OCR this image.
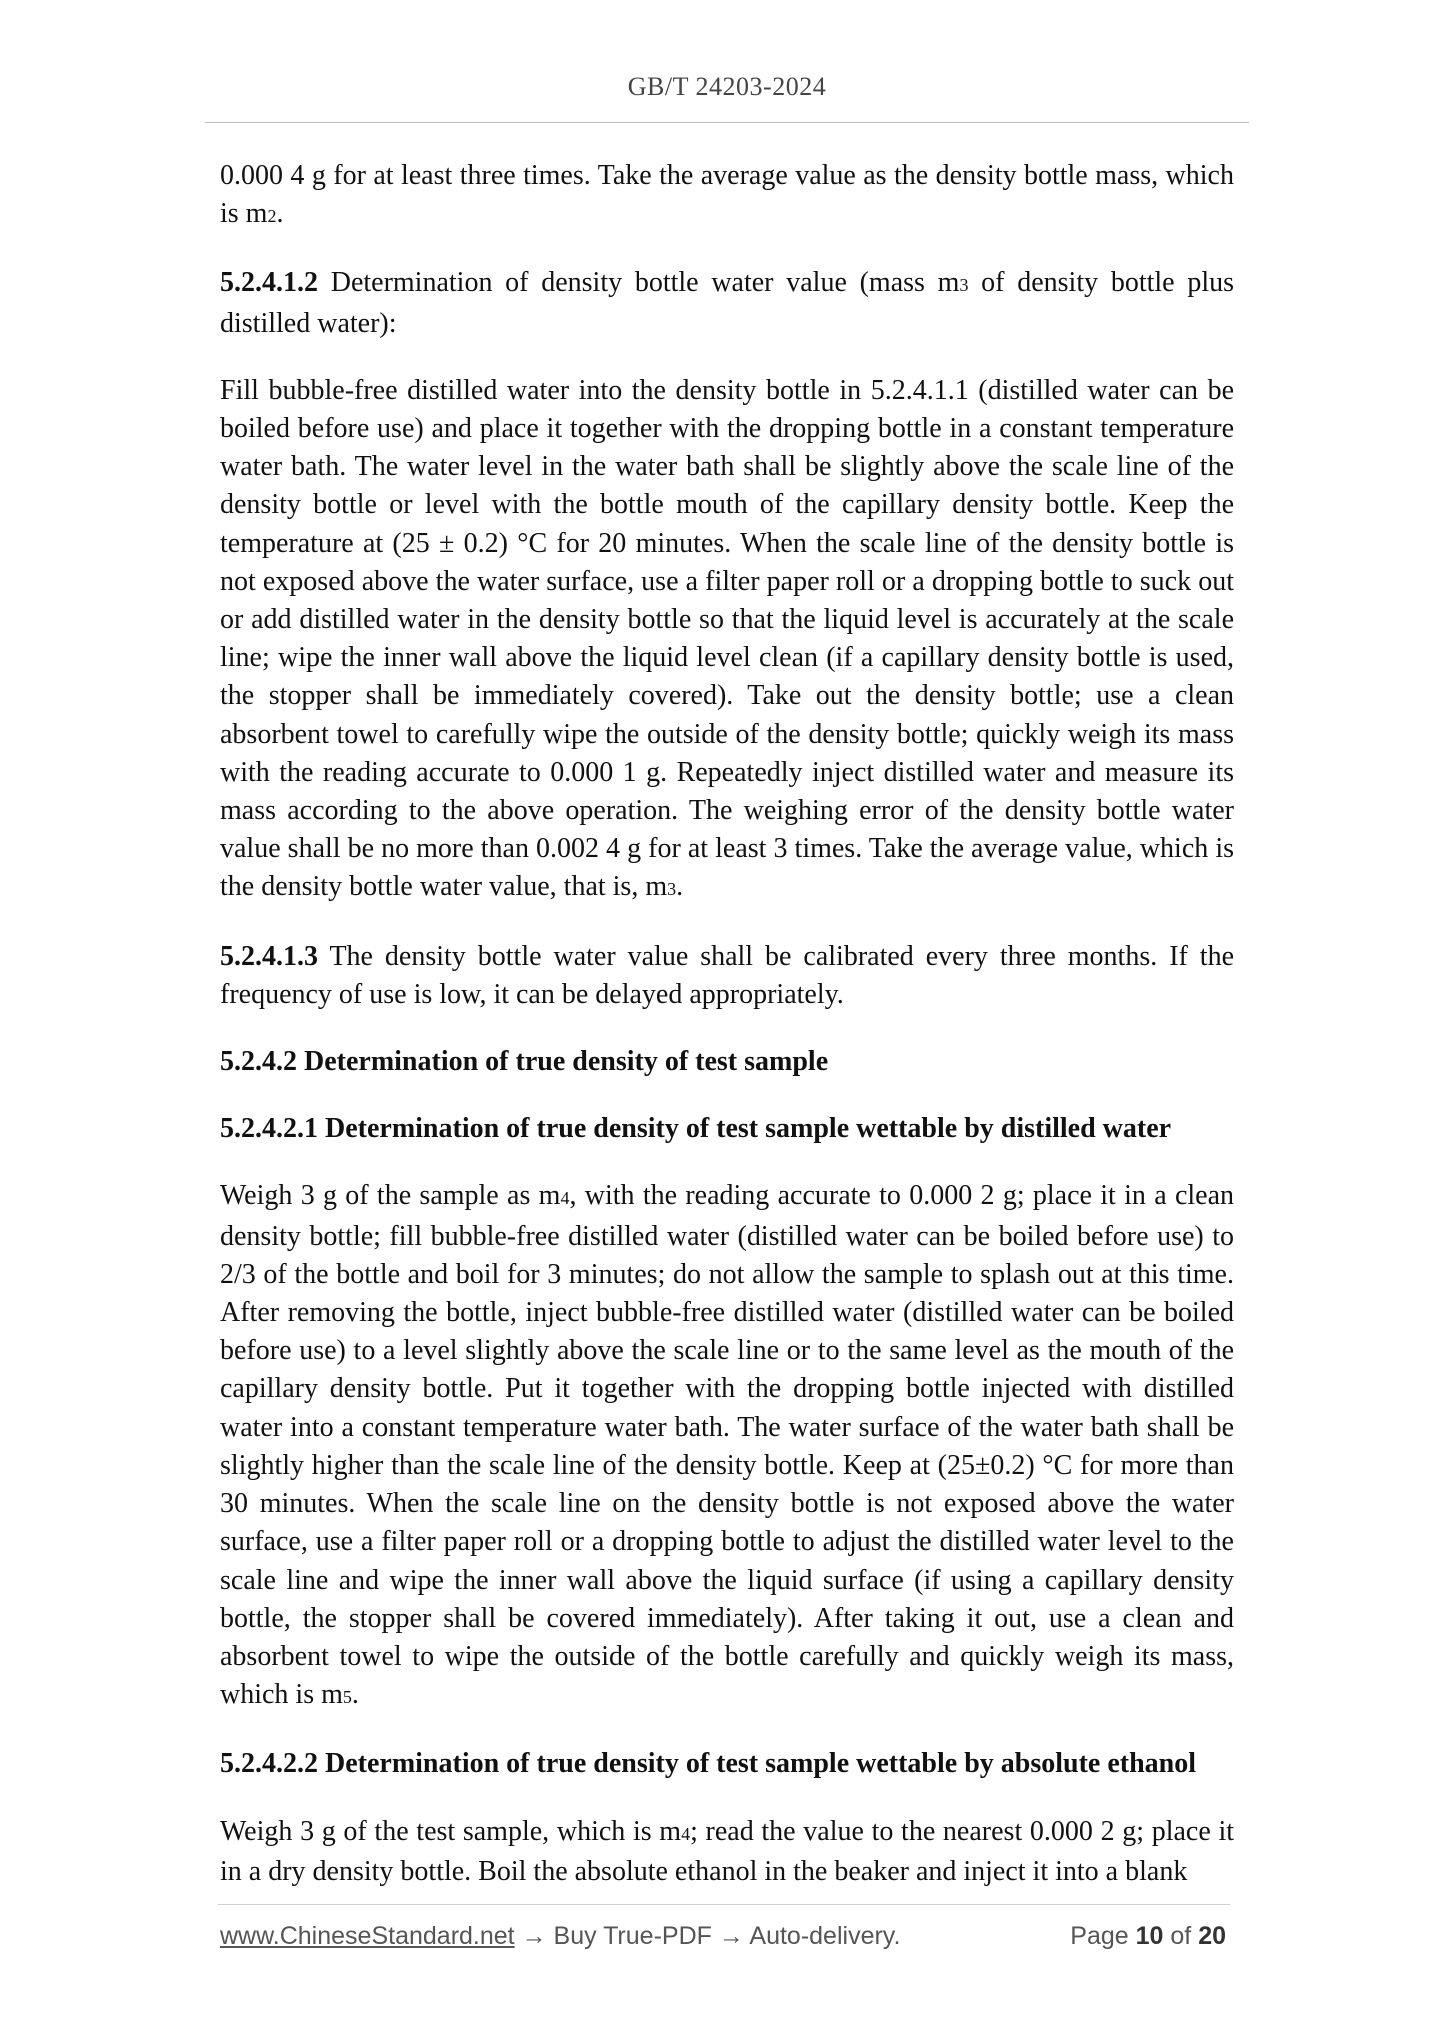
GB/T 24203-2024

0.000 4 g for at least three times. Take the average value as the density bottle mass, which is m2.

5.2.4.1.2 Determination of density bottle water value (mass m3 of density bottle plus distilled water):

Fill bubble-free distilled water into the density bottle in 5.2.4.1.1 (distilled water can be boiled before use) and place it together with the dropping bottle in a constant temperature water bath. The water level in the water bath shall be slightly above the scale line of the density bottle or level with the bottle mouth of the capillary density bottle. Keep the temperature at (25 ± 0.2) °C for 20 minutes. When the scale line of the density bottle is not exposed above the water surface, use a filter paper roll or a dropping bottle to suck out or add distilled water in the density bottle so that the liquid level is accurately at the scale line; wipe the inner wall above the liquid level clean (if a capillary density bottle is used, the stopper shall be immediately covered). Take out the density bottle; use a clean absorbent towel to carefully wipe the outside of the density bottle; quickly weigh its mass with the reading accurate to 0.000 1 g. Repeatedly inject distilled water and measure its mass according to the above operation. The weighing error of the density bottle water value shall be no more than 0.002 4 g for at least 3 times. Take the average value, which is the density bottle water value, that is, m3.

5.2.4.1.3 The density bottle water value shall be calibrated every three months. If the frequency of use is low, it can be delayed appropriately.

5.2.4.2 Determination of true density of test sample

5.2.4.2.1 Determination of true density of test sample wettable by distilled water

Weigh 3 g of the sample as m4, with the reading accurate to 0.000 2 g; place it in a clean density bottle; fill bubble-free distilled water (distilled water can be boiled before use) to 2/3 of the bottle and boil for 3 minutes; do not allow the sample to splash out at this time. After removing the bottle, inject bubble-free distilled water (distilled water can be boiled before use) to a level slightly above the scale line or to the same level as the mouth of the capillary density bottle. Put it together with the dropping bottle injected with distilled water into a constant temperature water bath. The water surface of the water bath shall be slightly higher than the scale line of the density bottle. Keep at (25±0.2) °C for more than 30 minutes. When the scale line on the density bottle is not exposed above the water surface, use a filter paper roll or a dropping bottle to adjust the distilled water level to the scale line and wipe the inner wall above the liquid surface (if using a capillary density bottle, the stopper shall be covered immediately). After taking it out, use a clean and absorbent towel to wipe the outside of the bottle carefully and quickly weigh its mass, which is m5.

5.2.4.2.2 Determination of true density of test sample wettable by absolute ethanol

Weigh 3 g of the test sample, which is m4; read the value to the nearest 0.000 2 g; place it in a dry density bottle. Boil the absolute ethanol in the beaker and inject it into a blank

www.ChineseStandard.net → Buy True-PDF → Auto-delivery.	Page 10 of 20
